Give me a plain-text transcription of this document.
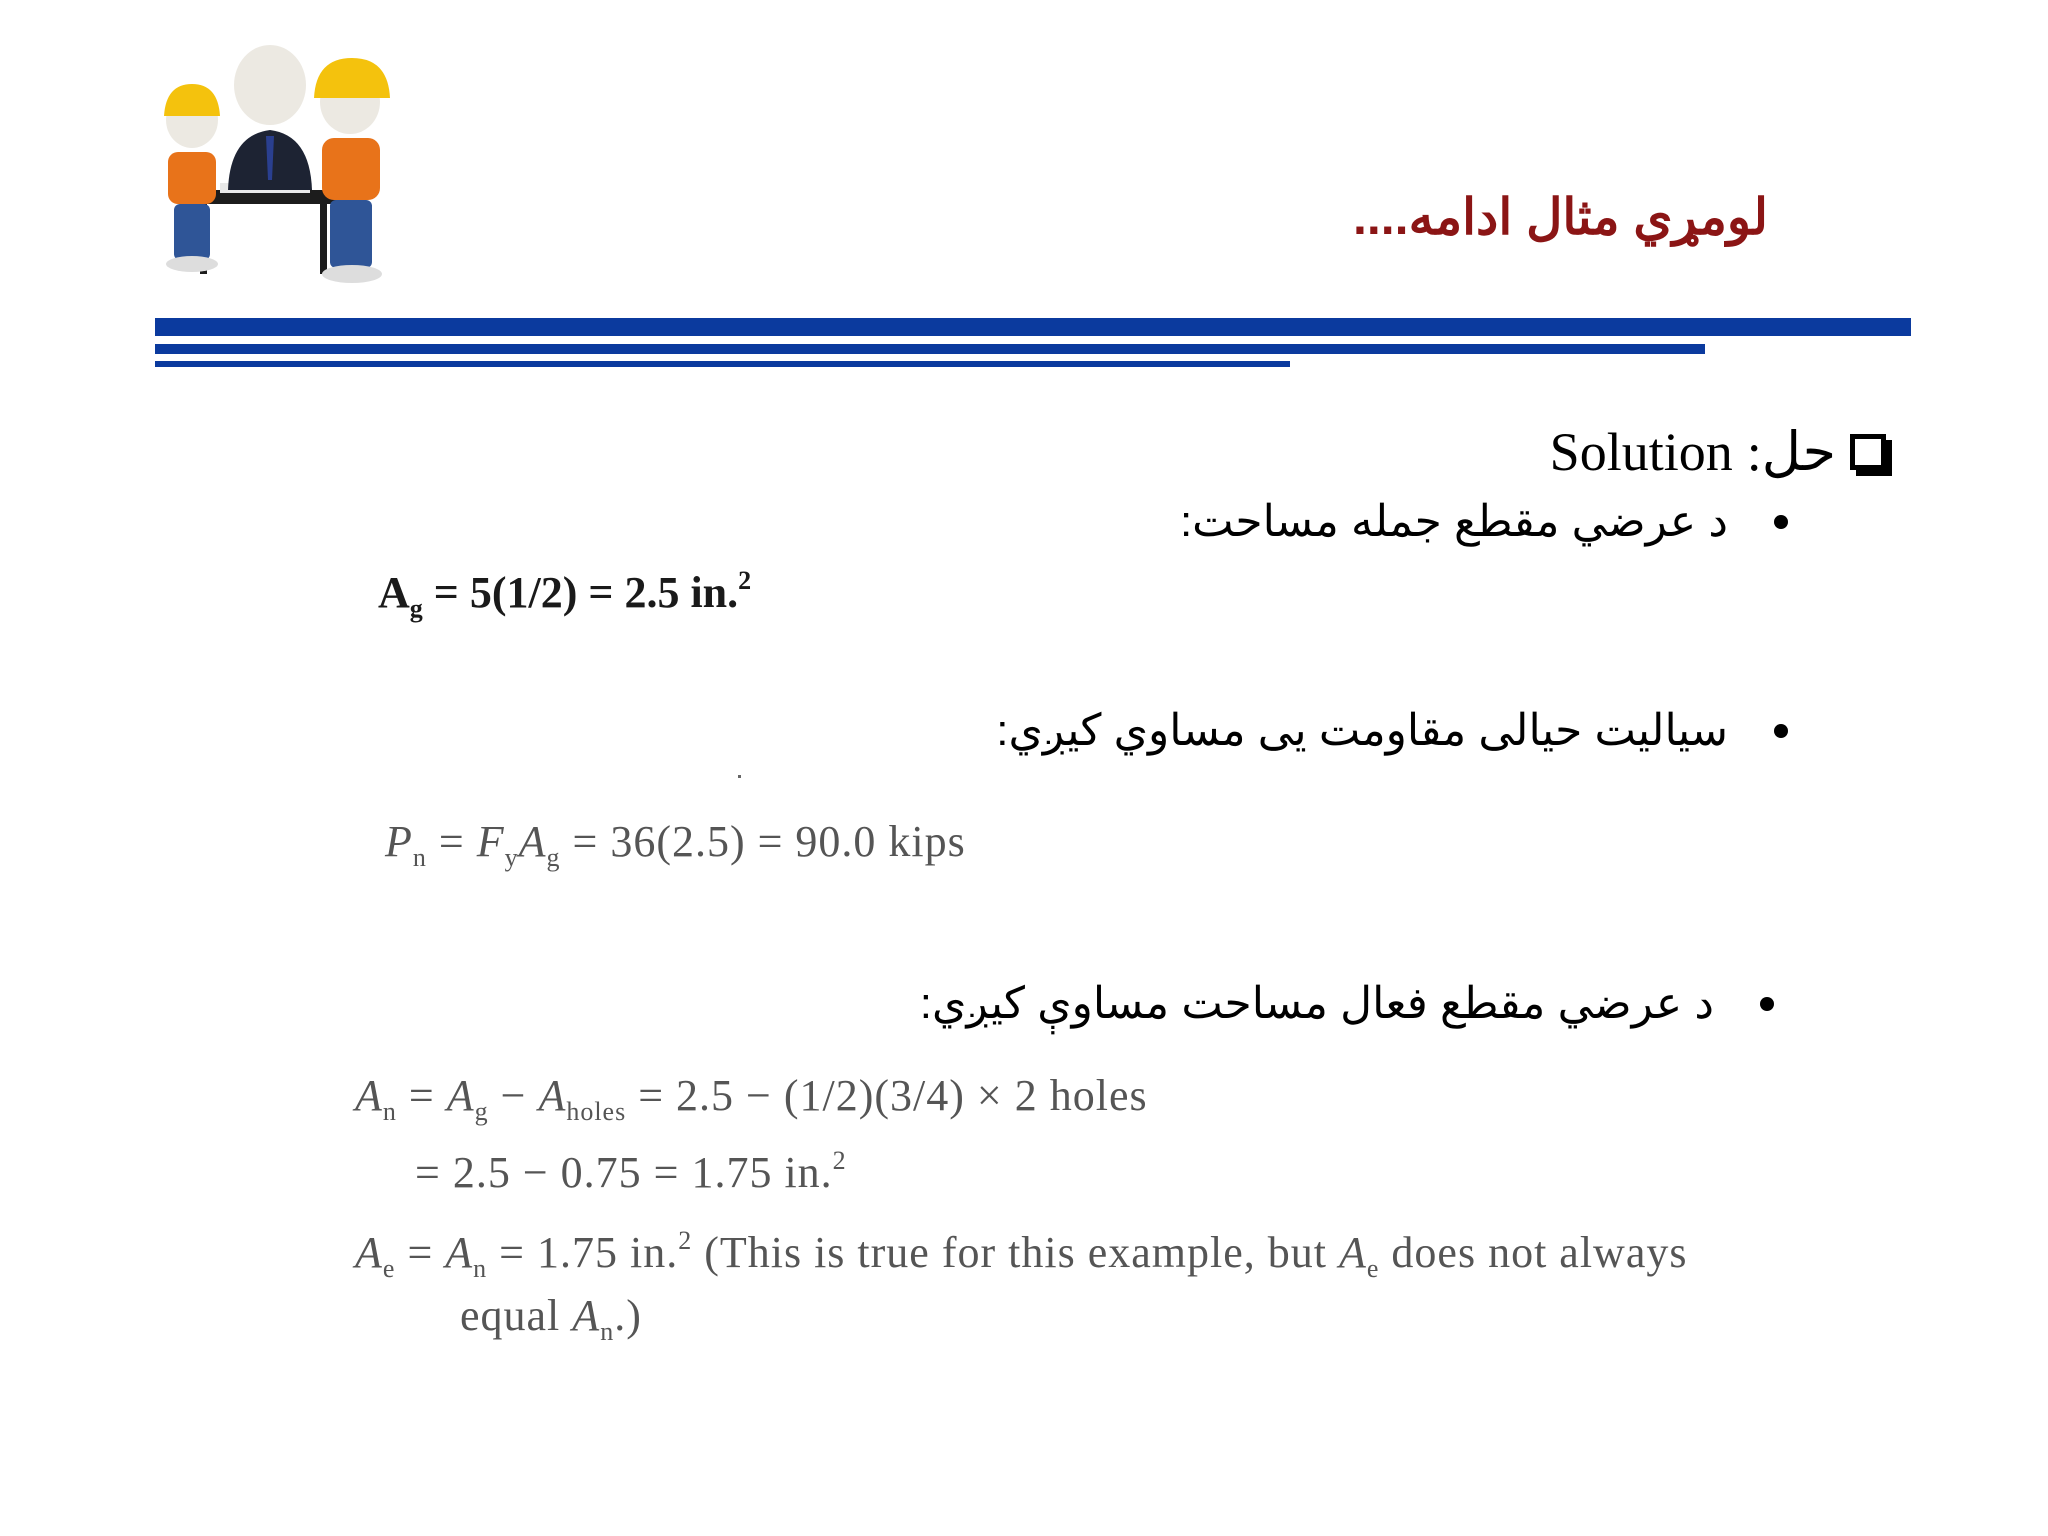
لومړي مثال ادامه....
Solution حل:
د عرضي مقطع جمله مساحت:
$A_g = 5(1/2) = 2.5$ in.$^2$
سياليت حيالی مقاومت یی مساوي کيږي:
$P_n = F_yA_g = 36(2.5) = 90.0$ kips
د عرضي مقطع فعال مساحت مساوې کيږي:
$A_n = A_g - A_{holes} = 2.5 - (1/2)(3/4) \times 2$ holes
= 2.5 − 0.75 = 1.75 in.$^2$
$A_e = A_n = 1.75$ in.$^2$ (This is true for this example, but $A_e$ does not always
equal $A_n$.)
